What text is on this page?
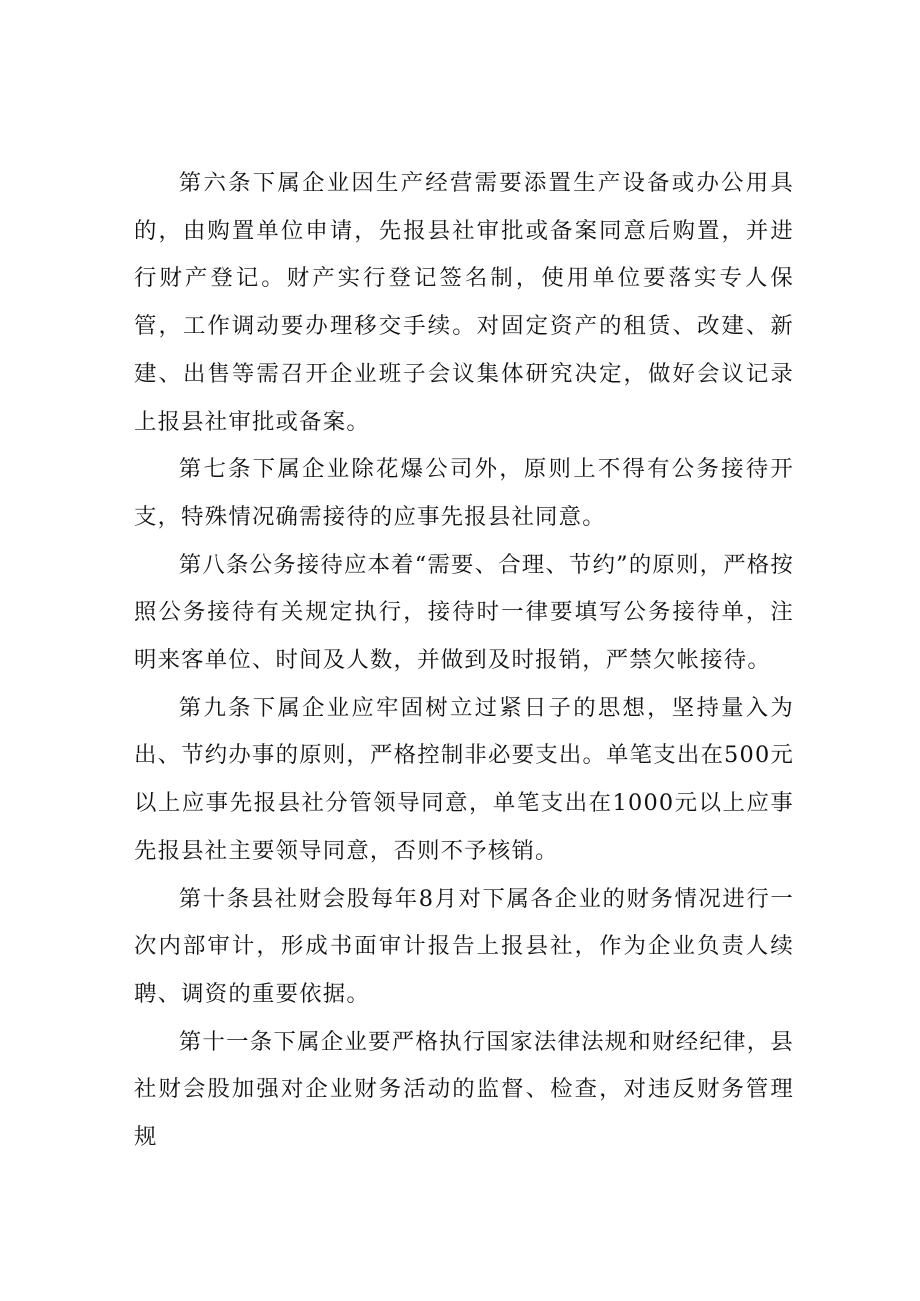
第六条下属企业因生产经营需要添置生产设备或办公用具的，由购置单位申请，先报县社审批或备案同意后购置，并进行财产登记。财产实行登记签名制，使用单位要落实专人保管，工作调动要办理移交手续。对固定资产的租赁、改建、新建、出售等需召开企业班子会议集体研究决定，做好会议记录上报县社审批或备案。

第七条下属企业除花爆公司外，原则上不得有公务接待开支，特殊情况确需接待的应事先报县社同意。

第八条公务接待应本着“需要、合理、节约”的原则，严格按照公务接待有关规定执行，接待时一律要填写公务接待单，注明来客单位、时间及人数，并做到及时报销，严禁欠帐接待。

第九条下属企业应牢固树立过紧日子的思想，坚持量入为出、节约办事的原则，严格控制非必要支出。单笔支出在500元以上应事先报县社分管领导同意，单笔支出在1000元以上应事先报县社主要领导同意，否则不予核销。

第十条县社财会股每年8月对下属各企业的财务情况进行一次内部审计，形成书面审计报告上报县社，作为企业负责人续聘、调资的重要依据。

第十一条下属企业要严格执行国家法律法规和财经纪律，县社财会股加强对企业财务活动的监督、检查，对违反财务管理规
